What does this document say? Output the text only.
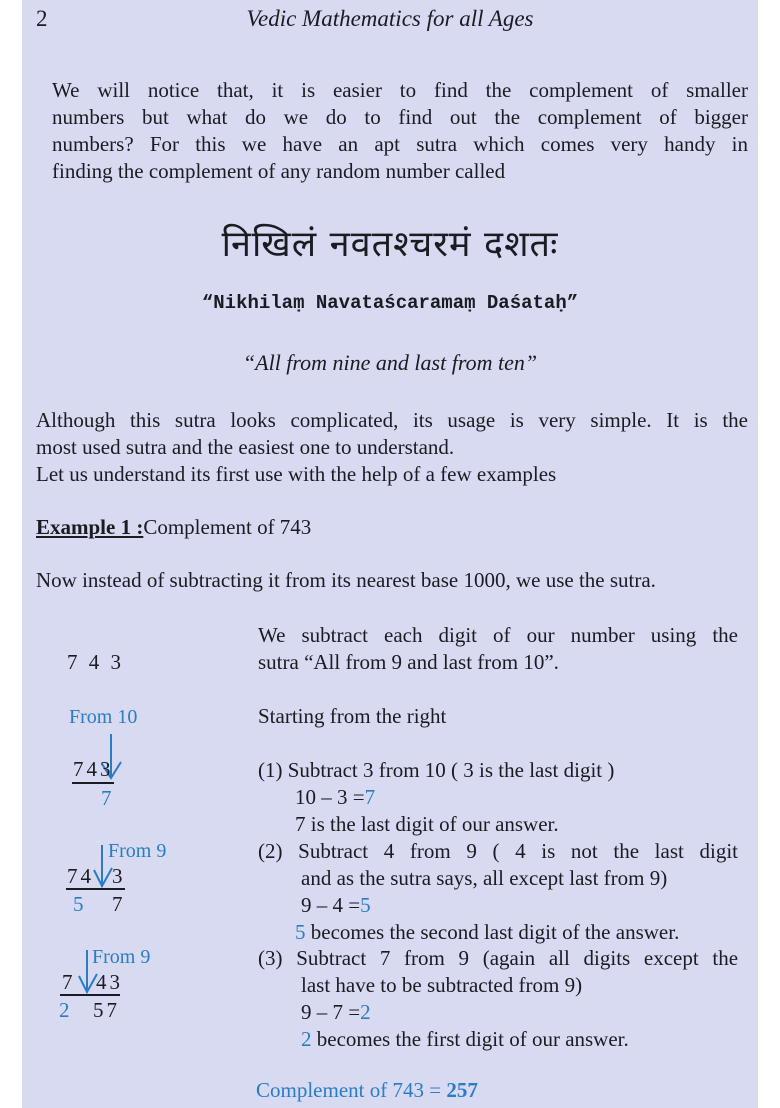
2	Vedic Mathematics for all Ages
We will notice that, it is easier to find the complement of smaller
numbers but what do we do to find out the complement of bigger
numbers? For this we have an apt sutra which comes very handy in
finding the complement of any random number called
निखिलं नवतश्चरमं दशतः
“Nikhilaṃ Navataścaramaṃ Daśataḥ”
“All from nine and last from ten”
Although this sutra looks complicated, its usage is very simple. It is the
most used sutra and the easiest one to understand.
Let us understand its first use with the help of a few examples
Example 1 :Complement of 743
Now instead of subtracting it from its nearest base 1000, we use the sutra.
7 4 3
We subtract each digit of our number using the
sutra “All from 9 and last from 10”.
Starting from the right
From 10
743
7
From 9
74 3
5 7
From 9
7 43
2 57
(1) Subtract 3 from 10 ( 3 is the last digit )
10 – 3 =7
7 is the last digit of our answer.
(2) Subtract 4 from 9 ( 4 is not the last digit
and as the sutra says, all except last from 9)
9 – 4 =5
5 becomes the second last digit of the answer.
(3) Subtract 7 from 9 (again all digits except the
last have to be subtracted from 9)
9 – 7 =2
2 becomes the first digit of our answer.
Complement of 743 = 257
